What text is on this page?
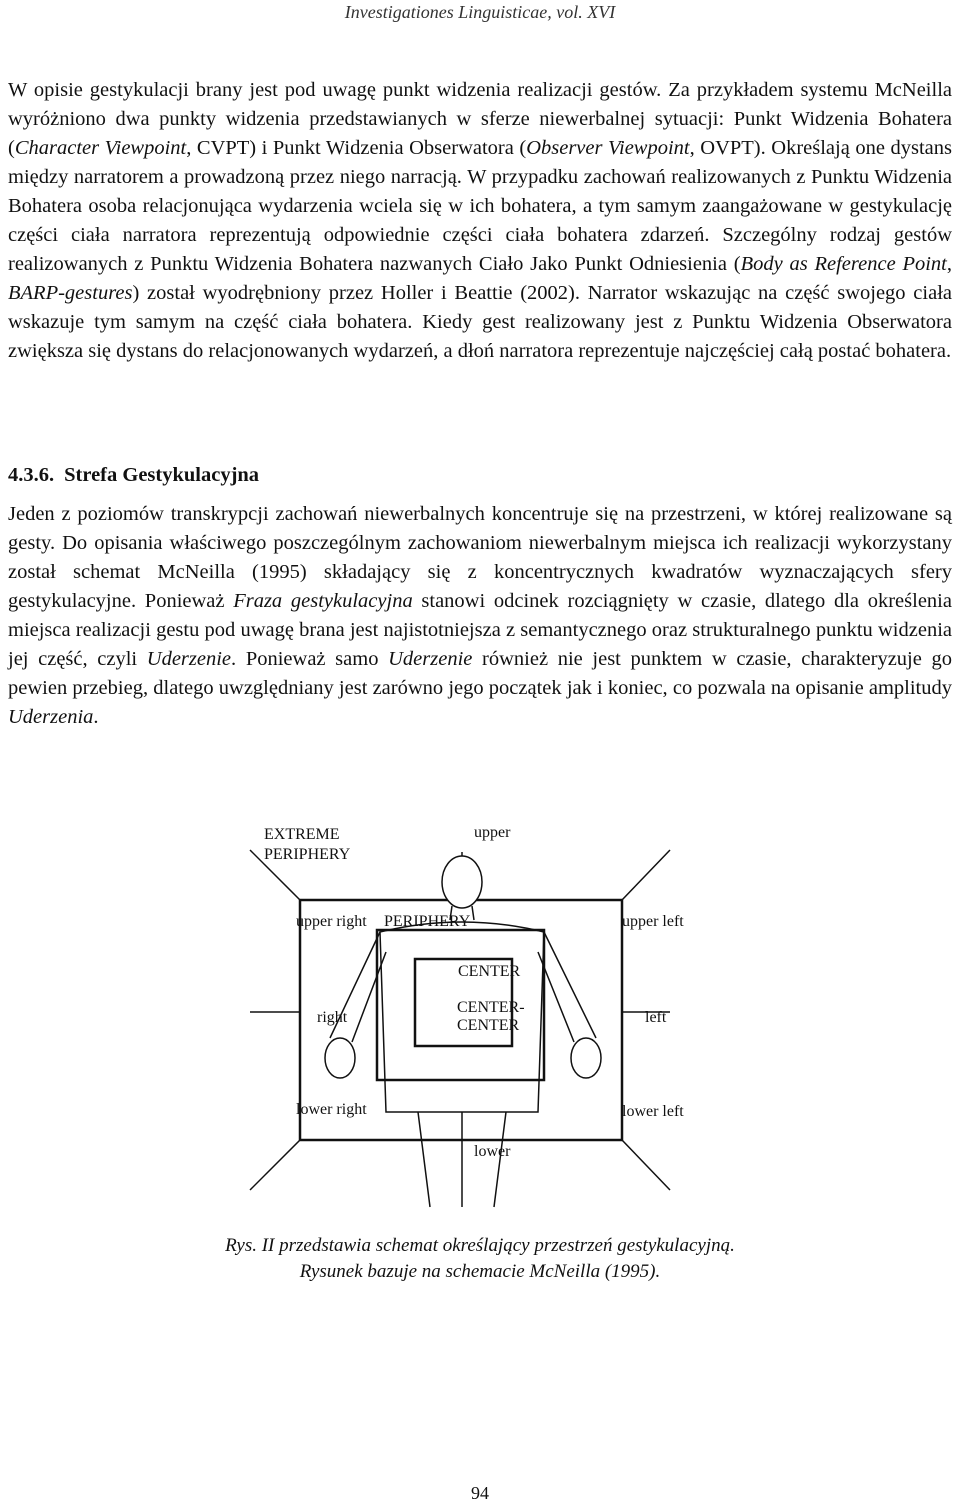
Investigationes Linguisticae, vol. XVI

W opisie gestykulacji brany jest pod uwagę punkt widzenia realizacji gestów. Za przykładem systemu McNeilla wyróżniono dwa punkty widzenia przedstawianych w sferze niewerbalnej sytuacji: Punkt Widzenia Bohatera (Character Viewpoint, CVPT) i Punkt Widzenia Obserwatora (Observer Viewpoint, OVPT). Określają one dystans między narratorem a prowadzoną przez niego narracją. W przypadku zachowań realizowanych z Punktu Widzenia Bohatera osoba relacjonująca wydarzenia wciela się w ich bohatera, a tym samym zaangażowane w gestykulację części ciała narratora reprezentują odpowiednie części ciała bohatera zdarzeń. Szczególny rodzaj gestów realizowanych z Punktu Widzenia Bohatera nazwanych Ciało Jako Punkt Odniesienia (Body as Reference Point, BARP-gestures) został wyodrębniony przez Holler i Beattie (2002). Narrator wskazując na część swojego ciała wskazuje tym samym na część ciała bohatera. Kiedy gest realizowany jest z Punktu Widzenia Obserwatora zwiększa się dystans do relacjonowanych wydarzeń, a dłoń narratora reprezentuje najczęściej całą postać bohatera.

4.3.6. Strefa Gestykulacyjna

Jeden z poziomów transkrypcji zachowań niewerbalnych koncentruje się na przestrzeni, w której realizowane są gesty. Do opisania właściwego poszczególnym zachowaniom niewerbalnym miejsca ich realizacji wykorzystany został schemat McNeilla (1995) składający się z koncentrycznych kwadratów wyznaczających sfery gestykulacyjne. Ponieważ Fraza gestykulacyjna stanowi odcinek rozciągnięty w czasie, dlatego dla określenia miejsca realizacji gestu pod uwagę brana jest najistotniejsza z semantycznego oraz strukturalnego punktu widzenia jej część, czyli Uderzenie. Ponieważ samo Uderzenie również nie jest punktem w czasie, charakteryzuje go pewien przebieg, dlatego uwzględniany jest zarówno jego początek jak i koniec, co pozwala na opisanie amplitudy Uderzenia.

EXTREME
PERIPHERY
upper
upper right PERIPHERY	upper left
CENTER
CENTER-
CENTER
right	left
lower right	lower left
lower
Rys. II przedstawia schemat określający przestrzeń gestykulacyjną.
Rysunek bazuje na schemacie McNeilla (1995).
94
